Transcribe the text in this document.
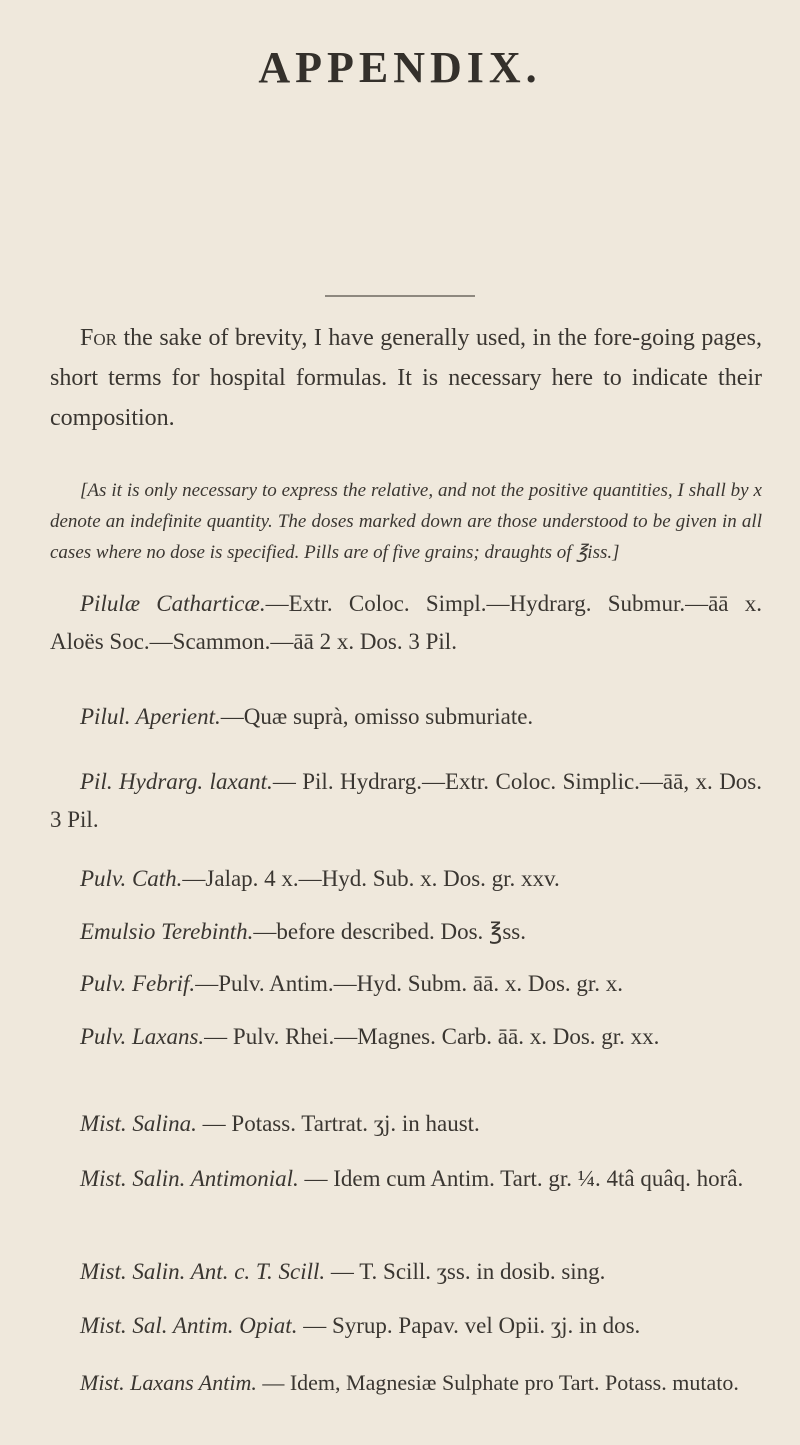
APPENDIX.

For the sake of brevity, I have generally used, in the fore-going pages, short terms for hospital formulas. It is necessary here to indicate their composition.

[As it is only necessary to express the relative, and not the positive quantities, I shall by x denote an indefinite quantity. The doses marked down are those understood to be given in all cases where no dose is specified. Pills are of five grains; draughts of ℥iss.]

Pilulæ Catharticæ.—Extr. Coloc. Simpl.—Hydrarg. Submur.—āā x. Aloës Soc.—Scammon.—āā 2 x. Dos. 3 Pil.

Pilul. Aperient.—Quæ suprà, omisso submuriate.

Pil. Hydrarg. laxant.— Pil. Hydrarg.—Extr. Coloc. Simplic.—āā, x. Dos. 3 Pil.

Pulv. Cath.—Jalap. 4 x.—Hyd. Sub. x. Dos. gr. xxv.

Emulsio Terebinth.—before described. Dos. ℥ss.

Pulv. Febrif.—Pulv. Antim.—Hyd. Subm. āā. x. Dos. gr. x.

Pulv. Laxans.— Pulv. Rhei.—Magnes. Carb. āā. x. Dos. gr. xx.

Mist. Salina. — Potass. Tartrat. ʒj. in haust.

Mist. Salin. Antimonial. — Idem cum Antim. Tart. gr. ¼. 4tâ quâq. horâ.

Mist. Salin. Ant. c. T. Scill. — T. Scill. ʒss. in dosib. sing.

Mist. Sal. Antim. Opiat. — Syrup. Papav. vel Opii. ʒj. in dos.

Mist. Laxans Antim. — Idem, Magnesiæ Sulphate pro Tart. Potass. mutato.
